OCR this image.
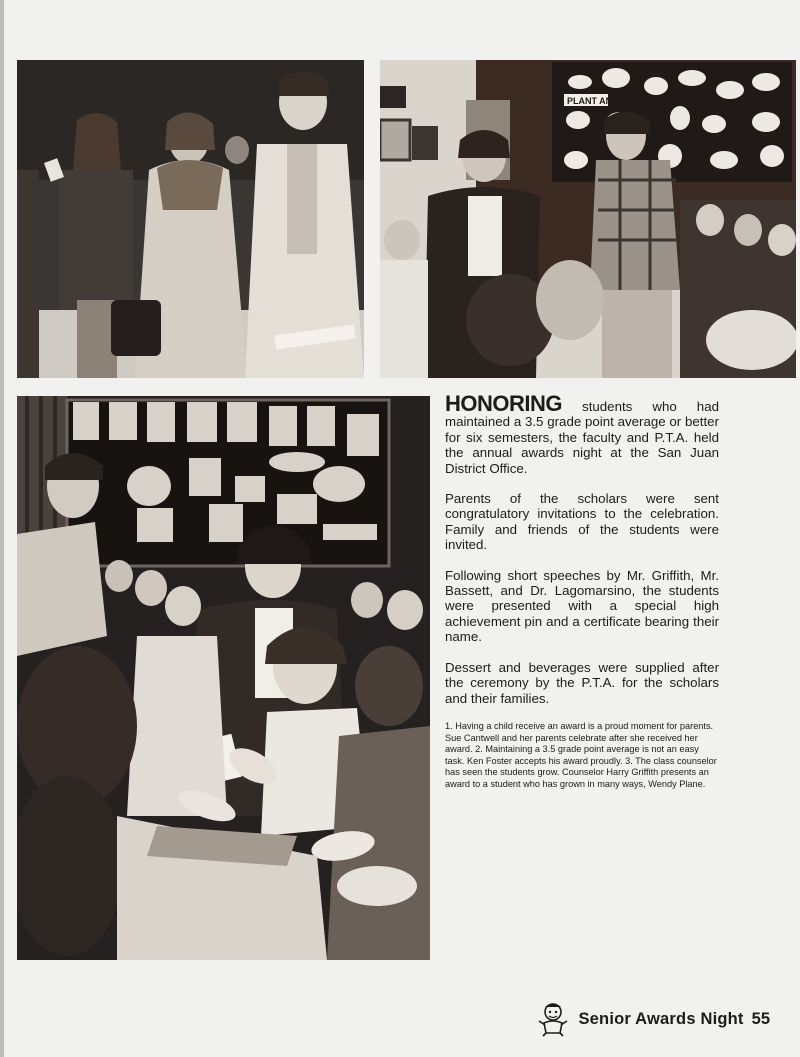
PLANT AN

HONORING students who had maintained a 3.5 grade point average or better for six semesters, the faculty and P.T.A. held the annual awards night at the San Juan District Office.

Parents of the scholars were sent congratulatory invitations to the celebration. Family and friends of the students were invited.

Following short speeches by Mr. Griffith, Mr. Bassett, and Dr. Lagomarsino, the students were presented with a special high achievement pin and a certificate bearing their name.

Dessert and beverages were supplied after the ceremony by the P.T.A. for the scholars and their families.

1. Having a child receive an award is a proud moment for parents. Sue Cantwell and her parents celebrate after she received her award. 2. Maintaining a 3.5 grade point average is not an easy task. Ken Foster accepts his award proudly. 3. The class counselor has seen the students grow. Counselor Harry Griffith presents an award to a student who has grown in many ways, Wendy Plane.
Senior Awards Night 55
